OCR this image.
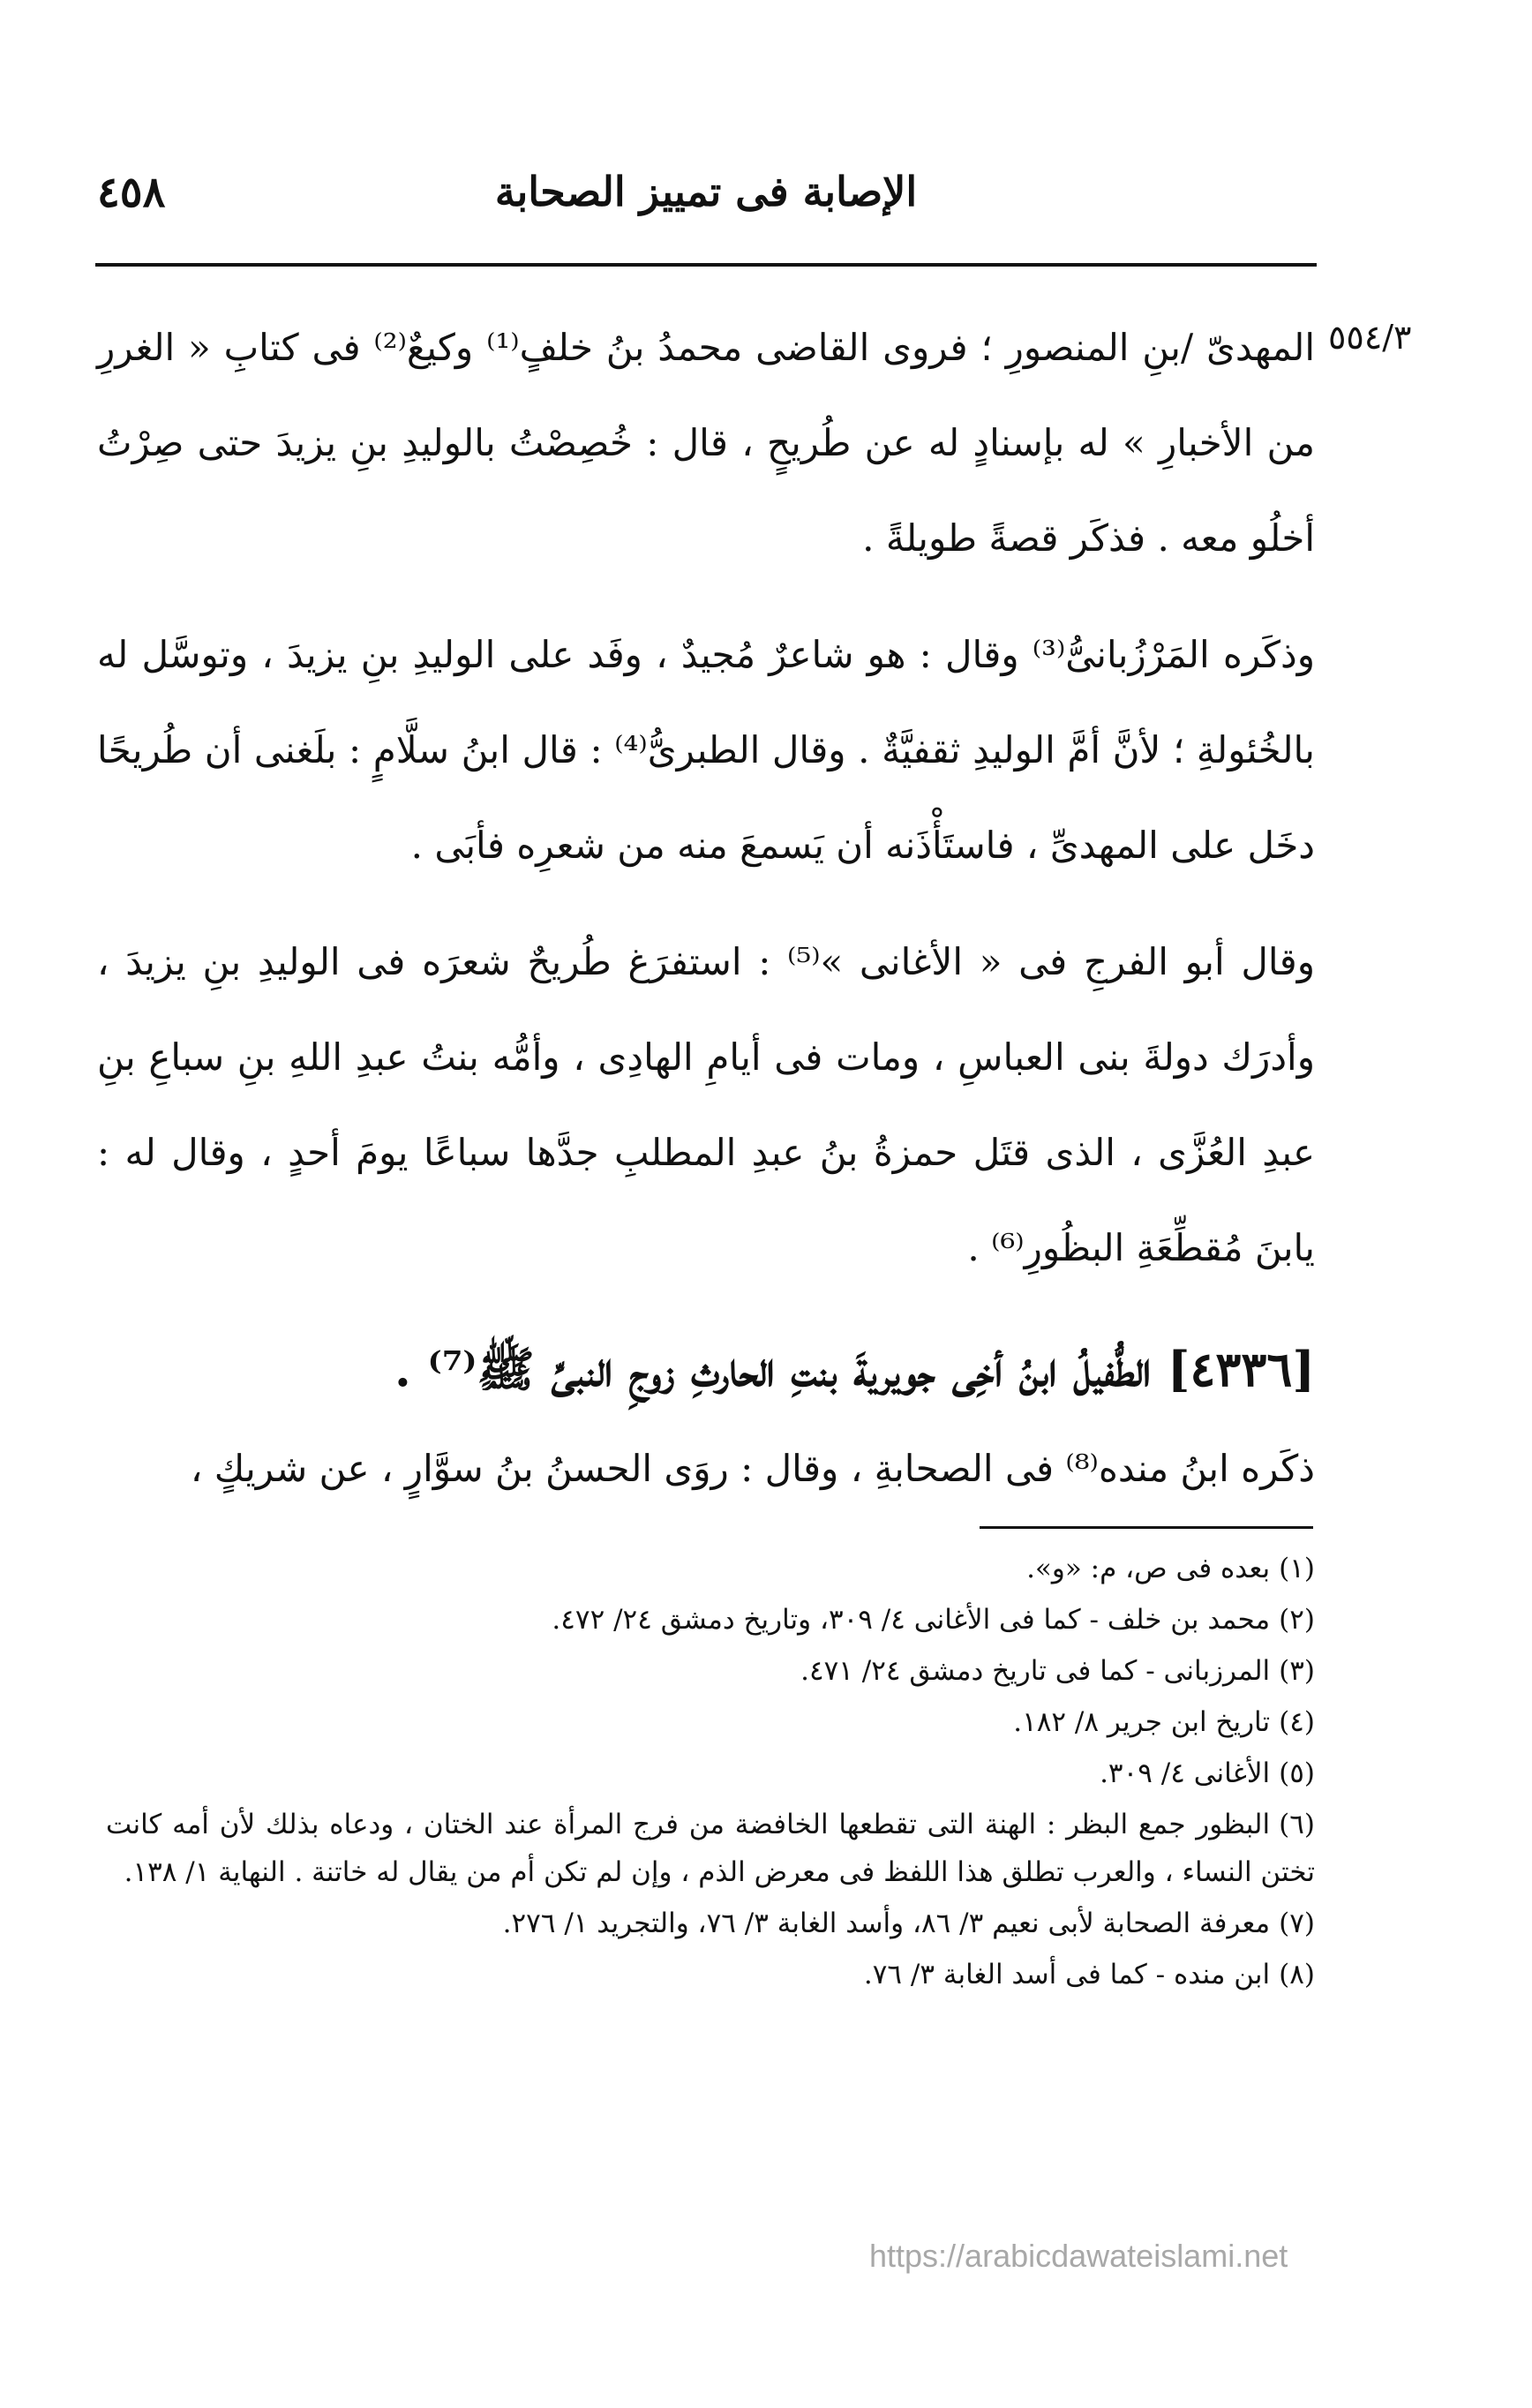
٤٥٨	الإصابة فى تمييز الصحابة
٥٥٤/٣

المهدىّ /بنِ المنصورِ ؛ فروى القاضى محمدُ بنُ خلفٍ⁽¹⁾ وكيعٌ⁽²⁾ فى كتابِ « الغررِ من الأخبارِ » له بإسنادٍ له عن طُريحٍ ، قال : خُصِصْتُ بالوليدِ بنِ يزيدَ حتى صِرْتُ أخلُو معه . فذكَر قصةً طويلةً .

وذكَره المَرْزُبانىُّ⁽³⁾ وقال : هو شاعرٌ مُجيدٌ ، وفَد على الوليدِ بنِ يزيدَ ، وتوسَّل له بالخُئولةِ ؛ لأنَّ أمَّ الوليدِ ثقفيَّةٌ . وقال الطبرىُّ⁽⁴⁾ : قال ابنُ سلَّامٍ : بلَغنى أن طُريحًا دخَل على المهدىِّ ، فاستَأْذَنه أن يَسمعَ منه من شعرِه فأبَى .

وقال أبو الفرجِ فى « الأغانى »⁽⁵⁾ : استفرَغ طُريحٌ شعرَه فى الوليدِ بنِ يزيدَ ، وأدرَك دولةَ بنى العباسِ ، ومات فى أيامِ الهادِى ، وأمُّه بنتُ عبدِ اللهِ بنِ سباعِ بنِ عبدِ العُزَّى ، الذى قتَل حمزةُ بنُ عبدِ المطلبِ جدَّها سباعًا يومَ أحدٍ ، وقال له : يابنَ مُقطِّعَةِ البظُورِ⁽⁶⁾ .

[٤٣٣٦] الطُّفيلُ ابنُ أخِى جويريةَ بنتِ الحارثِ زوجِ النبىِّ ﷺ⁽⁷⁾ .

ذكَره ابنُ منده⁽⁸⁾ فى الصحابةِ ، وقال : روَى الحسنُ بنُ سوَّارٍ ، عن شريكٍ ،

(١)بعده فى ص، م: «و».

(٢)محمد بن خلف - كما فى الأغانى ٤/ ٣٠٩، وتاريخ دمشق ٢٤/ ٤٧٢.

(٣)المرزبانى - كما فى تاريخ دمشق ٢٤/ ٤٧١.

(٤)تاريخ ابن جرير ٨/ ١٨٢.

(٥)الأغانى ٤/ ٣٠٩.

(٦)البظور جمع البظر : الهنة التى تقطعها الخافضة من فرج المرأة عند الختان ، ودعاه بذلك لأن أمه كانت تختن النساء ، والعرب تطلق هذا اللفظ فى معرض الذم ، وإن لم تكن أم من يقال له خاتنة . النهاية ١/ ١٣٨.

(٧)معرفة الصحابة لأبى نعيم ٣/ ٨٦، وأسد الغابة ٣/ ٧٦، والتجريد ١/ ٢٧٦.

(٨)ابن منده - كما فى أسد الغابة ٣/ ٧٦.

https://arabicdawateislami.net
